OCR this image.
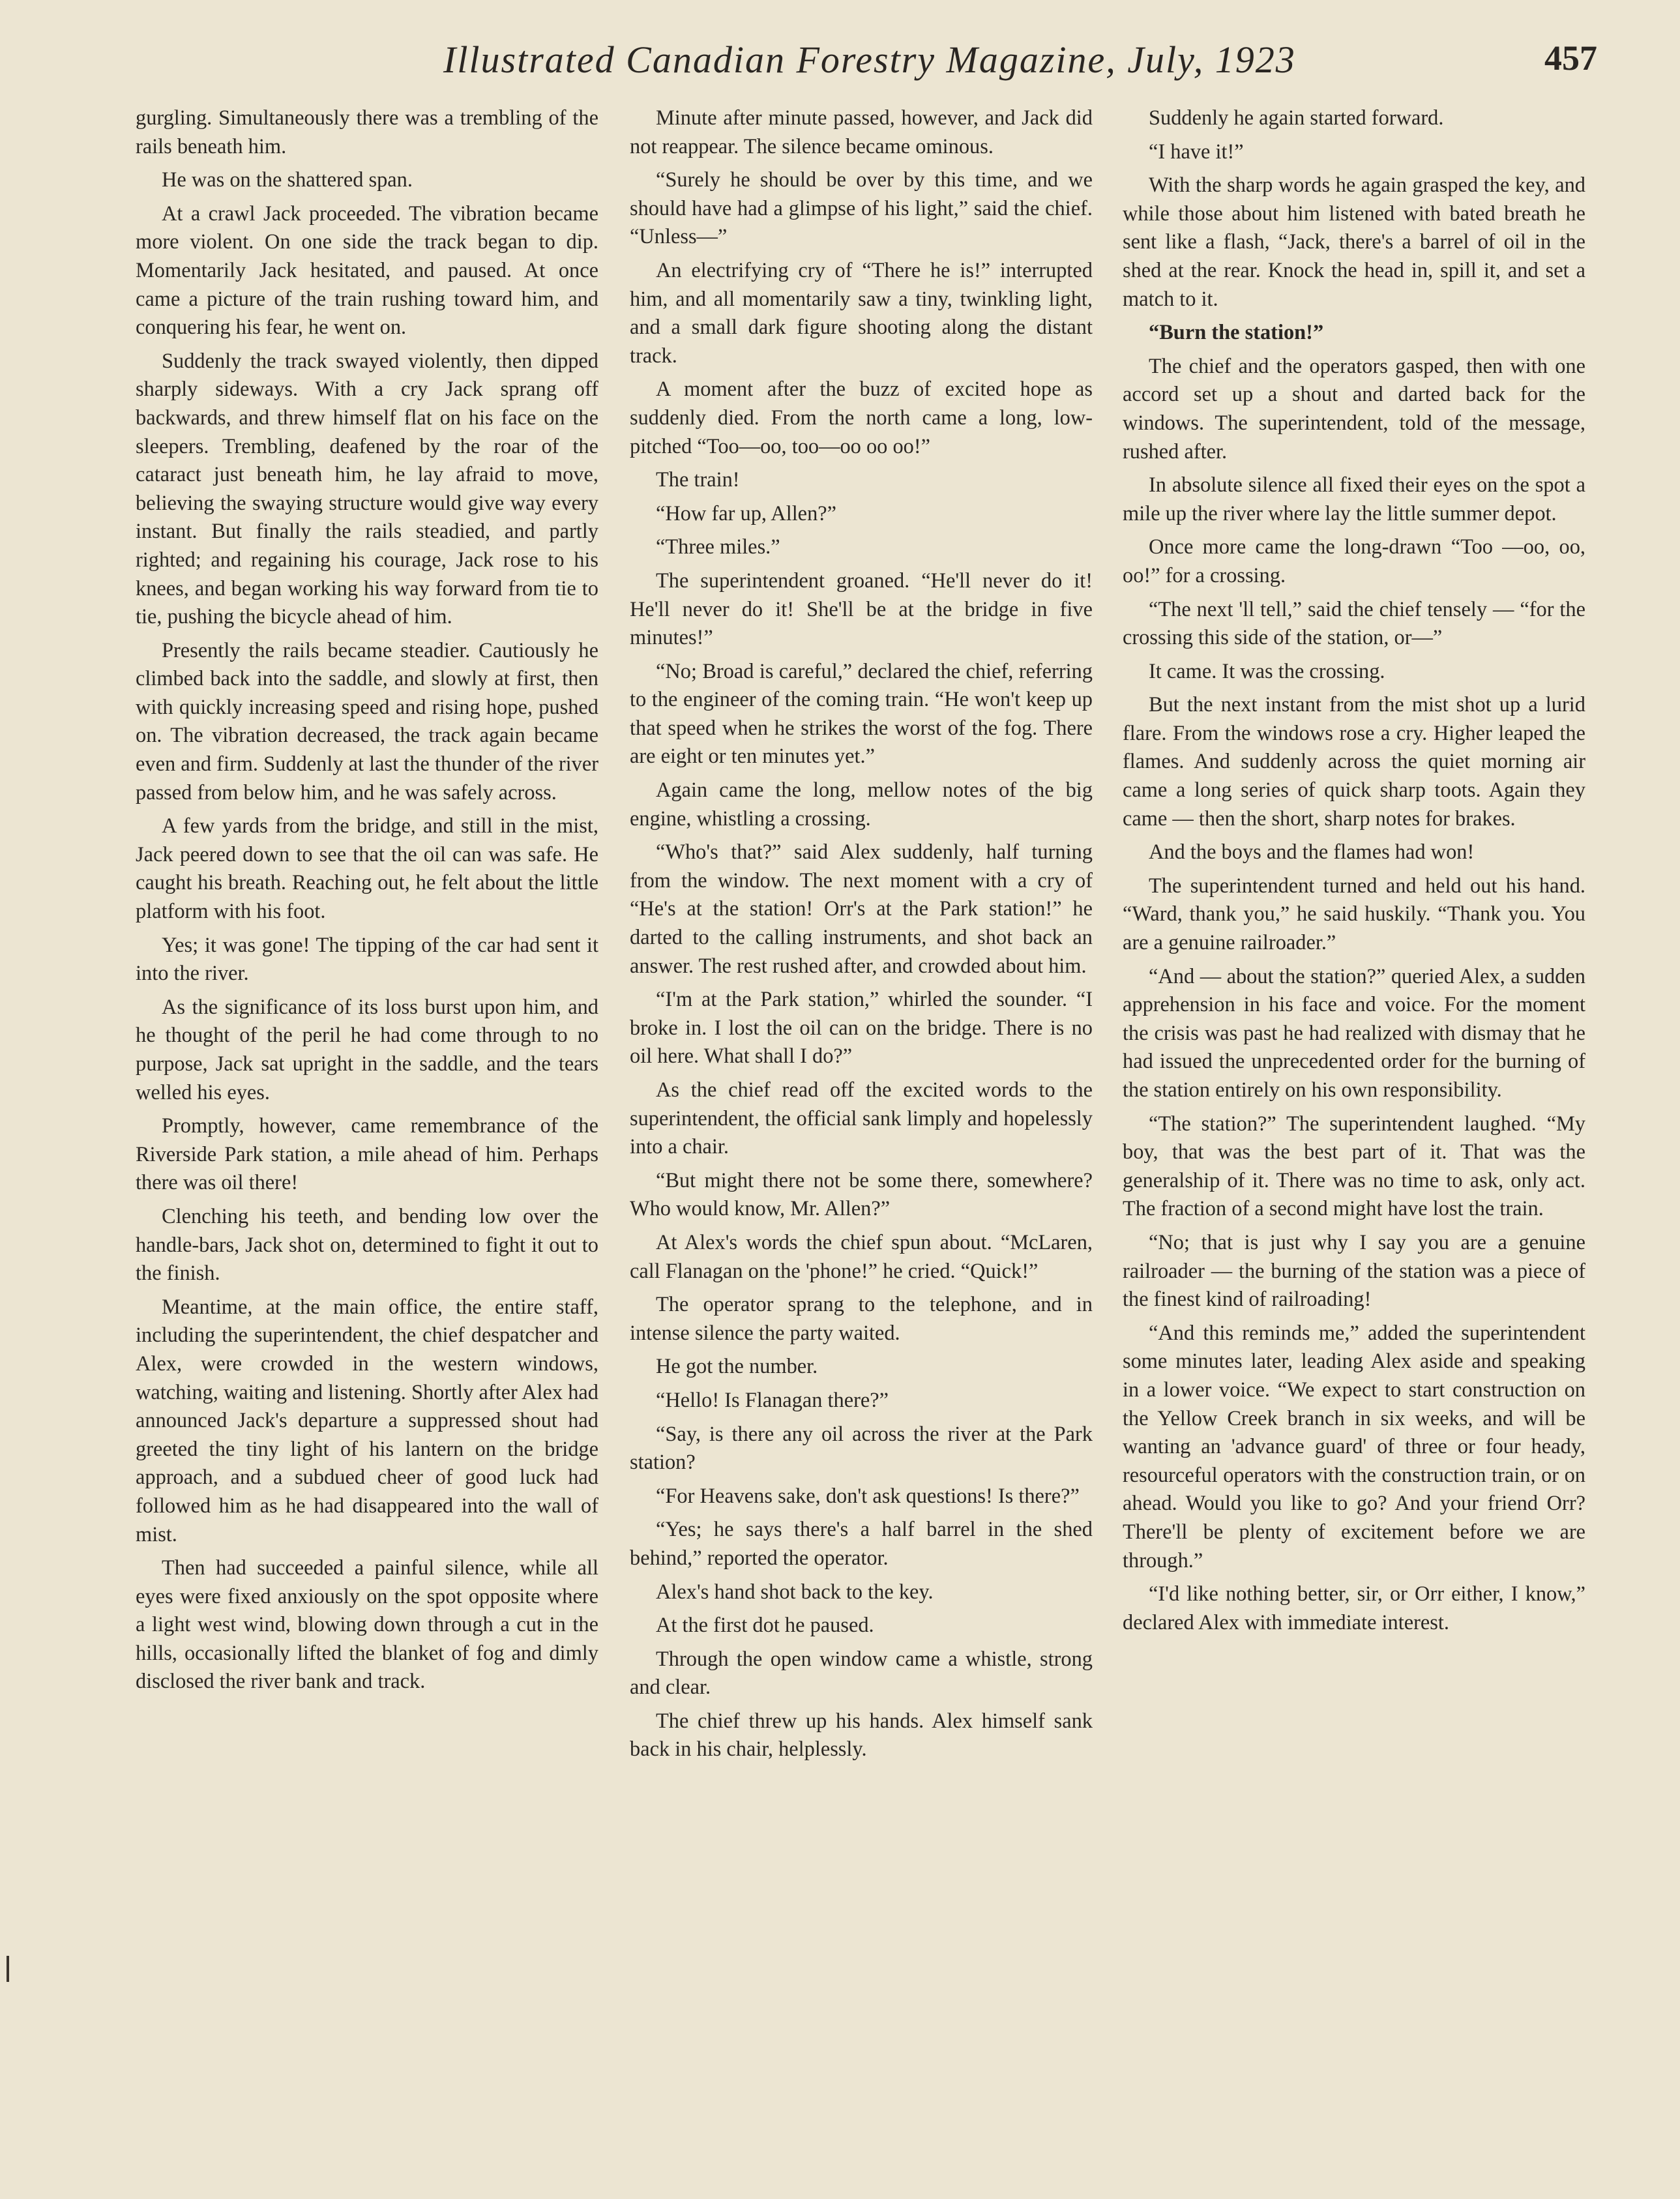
Illustrated Canadian Forestry Magazine, July, 1923	457

gurgling. Simultaneously there was a trembling of the rails beneath him.

He was on the shattered span.

At a crawl Jack proceeded. The vibration became more violent. On one side the track began to dip. Momentarily Jack hesitated, and paused. At once came a picture of the train rushing toward him, and conquering his fear, he went on.

Suddenly the track swayed violently, then dipped sharply sideways. With a cry Jack sprang off backwards, and threw himself flat on his face on the sleepers. Trembling, deafened by the roar of the cataract just beneath him, he lay afraid to move, believing the swaying structure would give way every instant. But finally the rails steadied, and partly righted; and regaining his courage, Jack rose to his knees, and began working his way forward from tie to tie, pushing the bicycle ahead of him.

Presently the rails became steadier. Cautiously he climbed back into the saddle, and slowly at first, then with quickly increasing speed and rising hope, pushed on. The vibration decreased, the track again became even and firm. Suddenly at last the thunder of the river passed from below him, and he was safely across.

A few yards from the bridge, and still in the mist, Jack peered down to see that the oil can was safe. He caught his breath. Reaching out, he felt about the little platform with his foot.

Yes; it was gone! The tipping of the car had sent it into the river.

As the significance of its loss burst upon him, and he thought of the peril he had come through to no purpose, Jack sat upright in the saddle, and the tears welled his eyes.

Promptly, however, came remembrance of the Riverside Park station, a mile ahead of him. Perhaps there was oil there!

Clenching his teeth, and bending low over the handle-bars, Jack shot on, determined to fight it out to the finish.

Meantime, at the main office, the entire staff, including the superintendent, the chief despatcher and Alex, were crowded in the western windows, watching, waiting and listening. Shortly after Alex had announced Jack's departure a suppressed shout had greeted the tiny light of his lantern on the bridge approach, and a subdued cheer of good luck had followed him as he had disappeared into the wall of mist.

Then had succeeded a painful silence, while all eyes were fixed anxiously on the spot opposite where a light west wind, blowing down through a cut in the hills, occasionally lifted the blanket of fog and dimly disclosed the river bank and track.

Minute after minute passed, however, and Jack did not reappear. The silence became ominous.

“Surely he should be over by this time, and we should have had a glimpse of his light,” said the chief. “Unless—”

An electrifying cry of “There he is!” interrupted him, and all momentarily saw a tiny, twinkling light, and a small dark figure shooting along the distant track.

A moment after the buzz of excited hope as suddenly died. From the north came a long, low-pitched “Too—oo, too—oo oo oo!”

The train!

“How far up, Allen?”

“Three miles.”

The superintendent groaned. “He'll never do it! He'll never do it! She'll be at the bridge in five minutes!”

“No; Broad is careful,” declared the chief, referring to the engineer of the coming train. “He won't keep up that speed when he strikes the worst of the fog. There are eight or ten minutes yet.”

Again came the long, mellow notes of the big engine, whistling a crossing.

“Who's that?” said Alex suddenly, half turning from the window. The next moment with a cry of “He's at the station! Orr's at the Park station!” he darted to the calling instruments, and shot back an answer. The rest rushed after, and crowded about him.

“I'm at the Park station,” whirled the sounder. “I broke in. I lost the oil can on the bridge. There is no oil here. What shall I do?”

As the chief read off the excited words to the superintendent, the official sank limply and hopelessly into a chair.

“But might there not be some there, somewhere? Who would know, Mr. Allen?”

At Alex's words the chief spun about. “McLaren, call Flanagan on the 'phone!” he cried. “Quick!”

The operator sprang to the telephone, and in intense silence the party waited.

He got the number.

“Hello! Is Flanagan there?”

“Say, is there any oil across the river at the Park station?

“For Heavens sake, don't ask questions! Is there?”

“Yes; he says there's a half barrel in the shed behind,” reported the operator.

Alex's hand shot back to the key.

At the first dot he paused.

Through the open window came a whistle, strong and clear.

The chief threw up his hands. Alex himself sank back in his chair, helplessly.

Suddenly he again started forward.

“I have it!”

With the sharp words he again grasped the key, and while those about him listened with bated breath he sent like a flash, “Jack, there's a barrel of oil in the shed at the rear. Knock the head in, spill it, and set a match to it.

“Burn the station!”

The chief and the operators gasped, then with one accord set up a shout and darted back for the windows. The superintendent, told of the message, rushed after.

In absolute silence all fixed their eyes on the spot a mile up the river where lay the little summer depot.

Once more came the long-drawn “Too —oo, oo, oo!” for a crossing.

“The next 'll tell,” said the chief tensely — “for the crossing this side of the station, or—”

It came. It was the crossing.

But the next instant from the mist shot up a lurid flare. From the windows rose a cry. Higher leaped the flames. And suddenly across the quiet morning air came a long series of quick sharp toots. Again they came — then the short, sharp notes for brakes.

And the boys and the flames had won!

The superintendent turned and held out his hand. “Ward, thank you,” he said huskily. “Thank you. You are a genuine railroader.”

“And — about the station?” queried Alex, a sudden apprehension in his face and voice. For the moment the crisis was past he had realized with dismay that he had issued the unprecedented order for the burning of the station entirely on his own responsibility.

“The station?” The superintendent laughed. “My boy, that was the best part of it. That was the generalship of it. There was no time to ask, only act. The fraction of a second might have lost the train.

“No; that is just why I say you are a genuine railroader — the burning of the station was a piece of the finest kind of railroading!

“And this reminds me,” added the superintendent some minutes later, leading Alex aside and speaking in a lower voice. “We expect to start construction on the Yellow Creek branch in six weeks, and will be wanting an 'advance guard' of three or four heady, resourceful operators with the construction train, or on ahead. Would you like to go? And your friend Orr? There'll be plenty of excitement before we are through.”

“I'd like nothing better, sir, or Orr either, I know,” declared Alex with immediate interest.
